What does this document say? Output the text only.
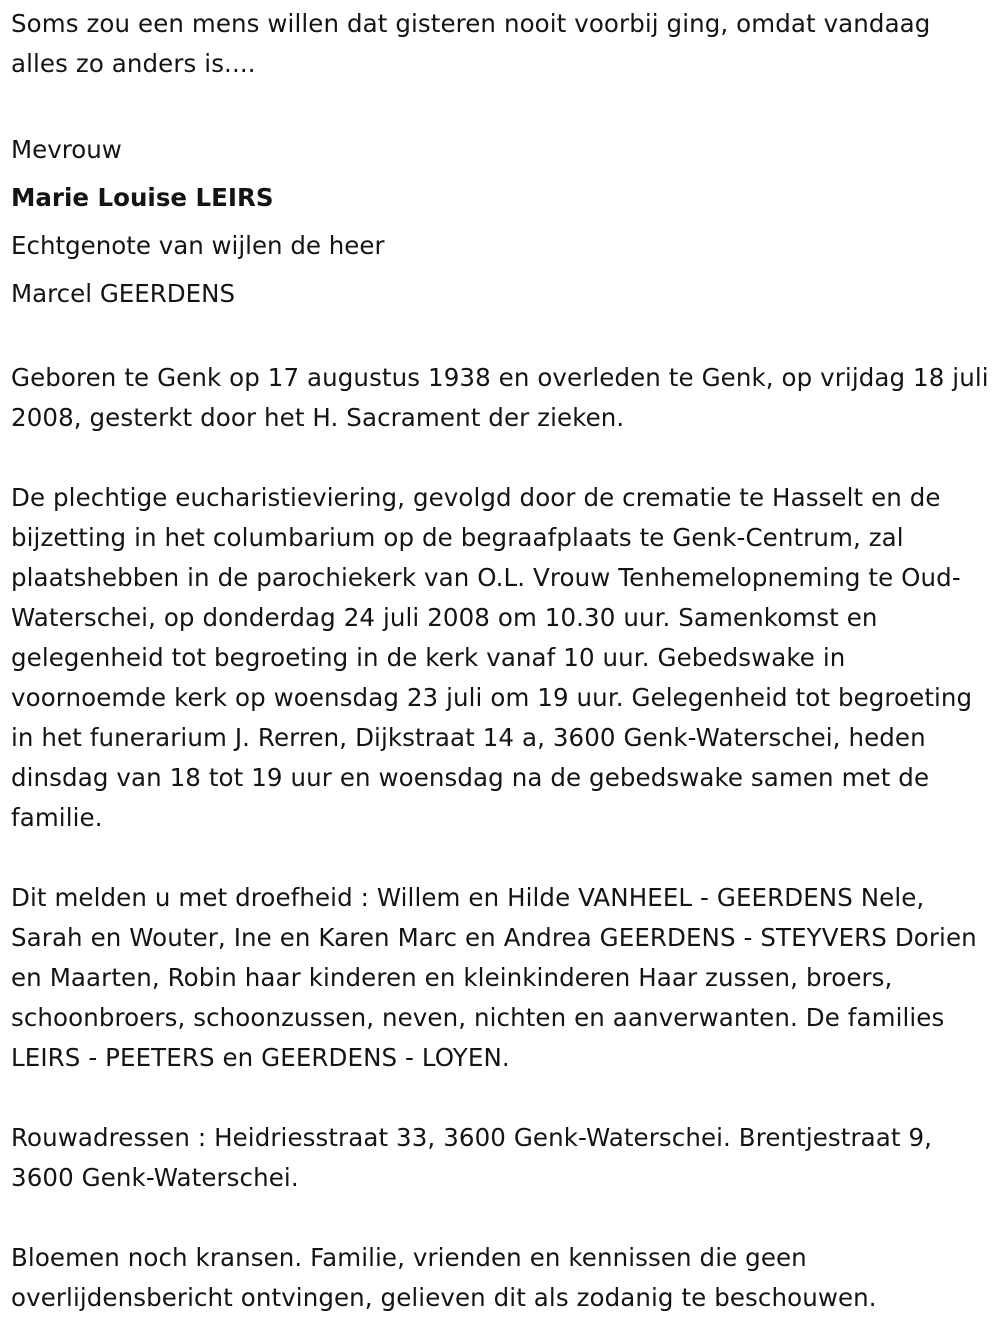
Soms zou een mens willen dat gisteren nooit voorbij ging, omdat vandaag alles zo anders is....

Mevrouw

Marie Louise LEIRS

Echtgenote van wijlen de heer

Marcel GEERDENS

Geboren te Genk op 17 augustus 1938 en overleden te Genk, op vrijdag 18 juli 2008, gesterkt door het H. Sacrament der zieken.

De plechtige eucharistieviering, gevolgd door de crematie te Hasselt en de bijzetting in het columbarium op de begraafplaats te Genk-Centrum, zal plaatshebben in de parochiekerk van O.L. Vrouw Tenhemelopneming te Oud-Waterschei, op donderdag 24 juli 2008 om 10.30 uur. Samenkomst en gelegenheid tot begroeting in de kerk vanaf 10 uur. Gebedswake in voornoemde kerk op woensdag 23 juli om 19 uur. Gelegenheid tot begroeting in het funerarium J. Rerren, Dijkstraat 14 a, 3600 Genk-Waterschei, heden dinsdag van 18 tot 19 uur en woensdag na de gebedswake samen met de familie.

Dit melden u met droefheid : Willem en Hilde VANHEEL - GEERDENS Nele, Sarah en Wouter, Ine en Karen Marc en Andrea GEERDENS - STEYVERS Dorien en Maarten, Robin haar kinderen en kleinkinderen Haar zussen, broers, schoonbroers, schoonzussen, neven, nichten en aanverwanten. De families LEIRS - PEETERS en GEERDENS - LOYEN.

Rouwadressen : Heidriesstraat 33, 3600 Genk-Waterschei. Brentjestraat 9, 3600 Genk-Waterschei.

Bloemen noch kransen. Familie, vrienden en kennissen die geen overlijdensbericht ontvingen, gelieven dit als zodanig te beschouwen.
